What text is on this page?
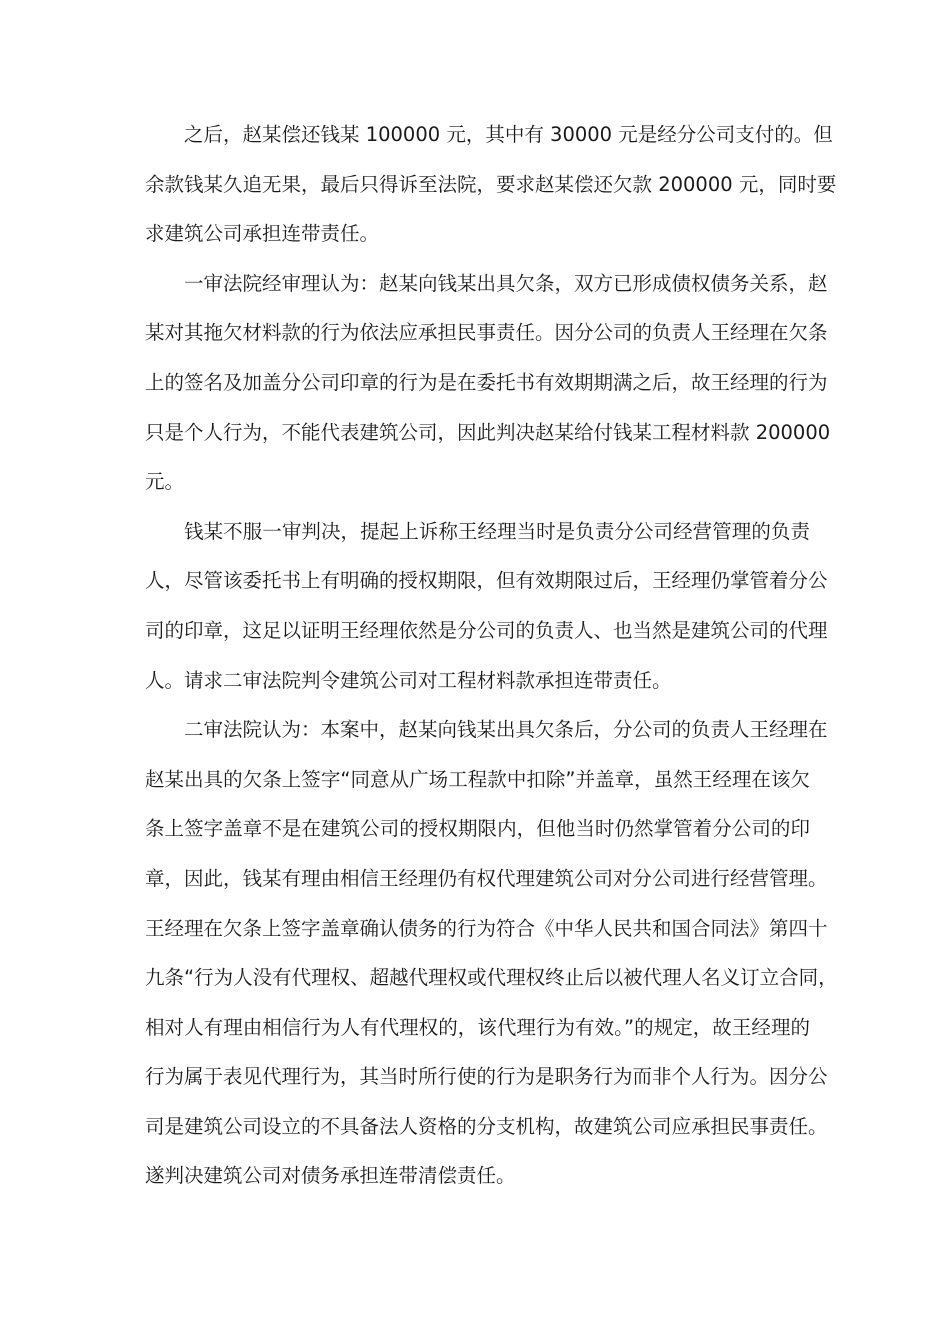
之后，赵某偿还钱某 100000 元，其中有 30000 元是经分公司支付的。但
余款钱某久追无果，最后只得诉至法院，要求赵某偿还欠款 200000 元，同时要
求建筑公司承担连带责任。
一审法院经审理认为：赵某向钱某出具欠条，双方已形成债权债务关系，赵
某对其拖欠材料款的行为依法应承担民事责任。因分公司的负责人王经理在欠条
上的签名及加盖分公司印章的行为是在委托书有效期期满之后，故王经理的行为
只是个人行为，不能代表建筑公司，因此判决赵某给付钱某工程材料款 200000
元。
钱某不服一审判决，提起上诉称王经理当时是负责分公司经营管理的负责
人，尽管该委托书上有明确的授权期限，但有效期限过后，王经理仍掌管着分公
司的印章，这足以证明王经理依然是分公司的负责人、也当然是建筑公司的代理
人。请求二审法院判令建筑公司对工程材料款承担连带责任。
二审法院认为：本案中，赵某向钱某出具欠条后，分公司的负责人王经理在
赵某出具的欠条上签字“同意从广场工程款中扣除”并盖章，虽然王经理在该欠
条上签字盖章不是在建筑公司的授权期限内，但他当时仍然掌管着分公司的印
章，因此，钱某有理由相信王经理仍有权代理建筑公司对分公司进行经营管理。
王经理在欠条上签字盖章确认债务的行为符合《中华人民共和国合同法》第四十
九条“行为人没有代理权、超越代理权或代理权终止后以被代理人名义订立合同，
相对人有理由相信行为人有代理权的，该代理行为有效。”的规定，故王经理的
行为属于表见代理行为，其当时所行使的行为是职务行为而非个人行为。因分公
司是建筑公司设立的不具备法人资格的分支机构，故建筑公司应承担民事责任。
遂判决建筑公司对债务承担连带清偿责任。
